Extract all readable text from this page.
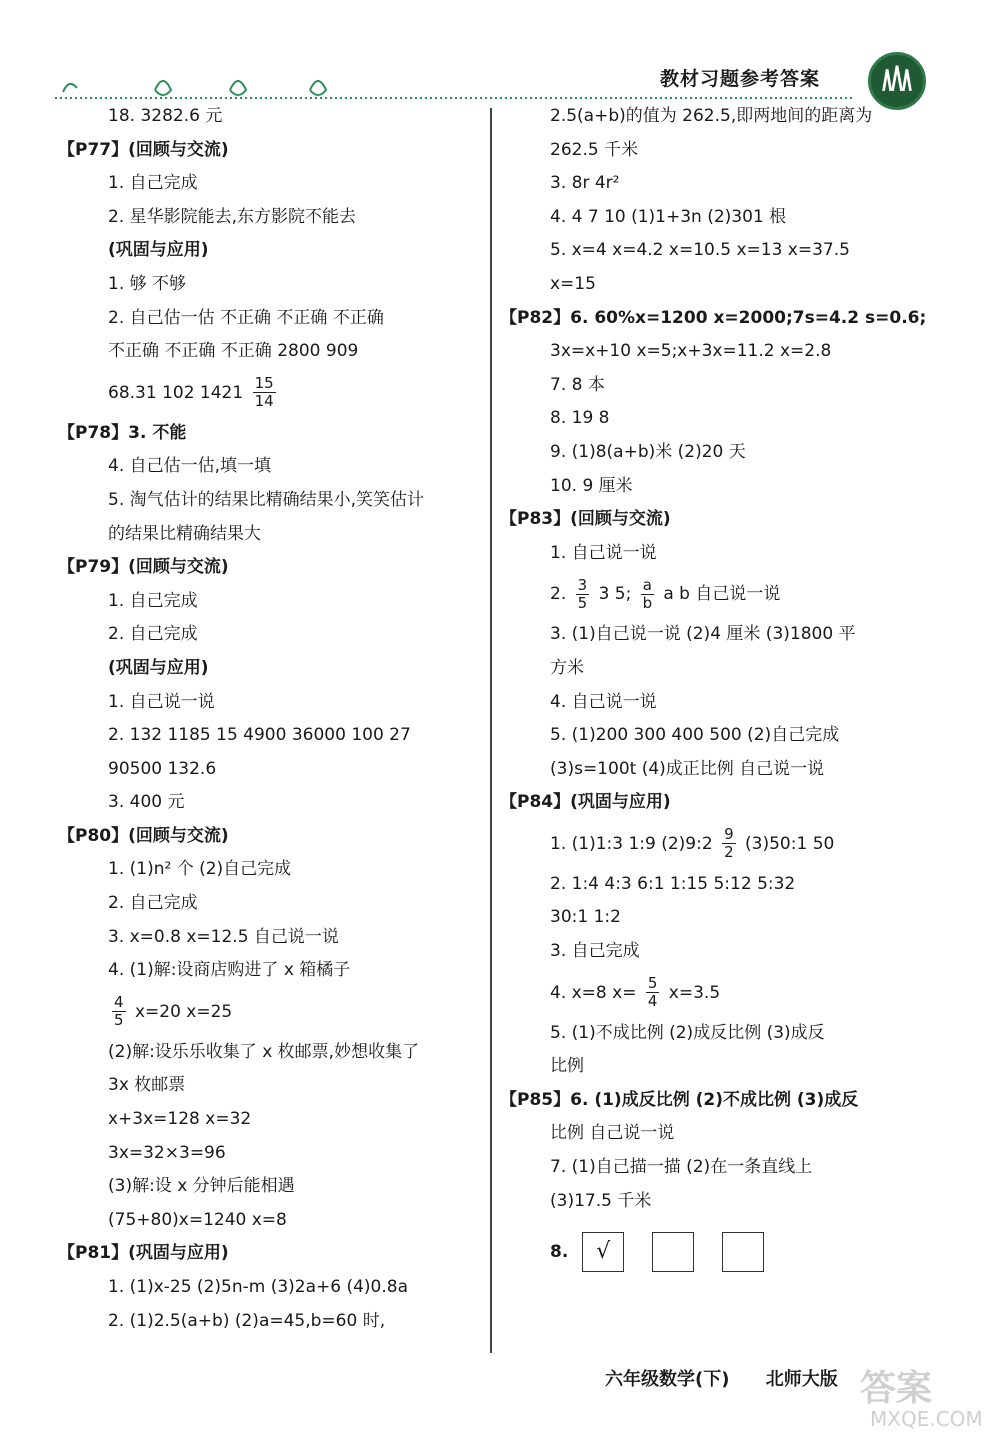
教材习题参考答案
18. 3282.6 元
【P77】(回顾与交流)
1. 自己完成
2. 星华影院能去,东方影院不能去
(巩固与应用)
1. 够 不够
2. 自己估一估 不正确 不正确 不正确
不正确 不正确 不正确 2800 909
68.31 102 $1421 \frac{15}{14}$
【P78】3. 不能
4. 自己估一估,填一填
5. 淘气估计的结果比精确结果小,笑笑估计
的结果比精确结果大
【P79】(回顾与交流)
1. 自己完成
2. 自己完成
(巩固与应用)
1. 自己说一说
2. 132 1185 15 4900 36000 100 27
90500 132.6
3. 400 元
【P80】(回顾与交流)
1. (1)n² 个 (2)自己完成
2. 自己完成
3. x=0.8 x=12.5 自己说一说
4. (1)解:设商店购进了 x 箱橘子
$\frac{4}{5} x=20$ x=25
(2)解:设乐乐收集了 x 枚邮票,妙想收集了
3x 枚邮票
x+3x=128 x=32
3x=32×3=96
(3)解:设 x 分钟后能相遇
(75+80)x=1240 x=8
【P81】(巩固与应用)
1. (1)x-25 (2)5n-m (3)2a+6 (4)0.8a
2. (1)2.5(a+b) (2)a=45,b=60 时,
2.5(a+b)的值为 262.5,即两地间的距离为
262.5 千米
3. 8r 4r²
4. 4 7 10 (1)1+3n (2)301 根
5. x=4 x=4.2 x=10.5 x=13 x=37.5
x=15
【P82】6. 60%x=1200 x=2000;7s=4.2 s=0.6;
3x=x+10 x=5;x+3x=11.2 x=2.8
7. 8 本
8. 19 8
9. (1)8(a+b)米 (2)20 天
10. 9 厘米
【P83】(回顾与交流)
1. 自己说一说
2. $\frac{3}{5} 3$ 5; $\frac{a}{b}$ a b 自己说一说
3. (1)自己说一说 (2)4 厘米 (3)1800 平
方米
4. 自己说一说
5. (1)200 300 400 500 (2)自己完成
(3)s=100t (4)成正比例 自己说一说
【P84】(巩固与应用)
1. (1)1:3 1:9 (2)9:2 $\frac{9}{2}$ (3)50:1 50
2. 1:4 4:3 6:1 1:15 5:12 5:32
30:1 1:2
3. 自己完成
4. x=8 $x= \frac{5}{4} x=3.5$
5. (1)不成比例 (2)成反比例 (3)成反
比例
【P85】6. (1)成反比例 (2)不成比例 (3)成反
比例 自己说一说
7. (1)自己描一描 (2)在一条直线上
(3)17.5 千米
8.	√
六年级数学(下) 北师大版 答案
MXQE.COM
